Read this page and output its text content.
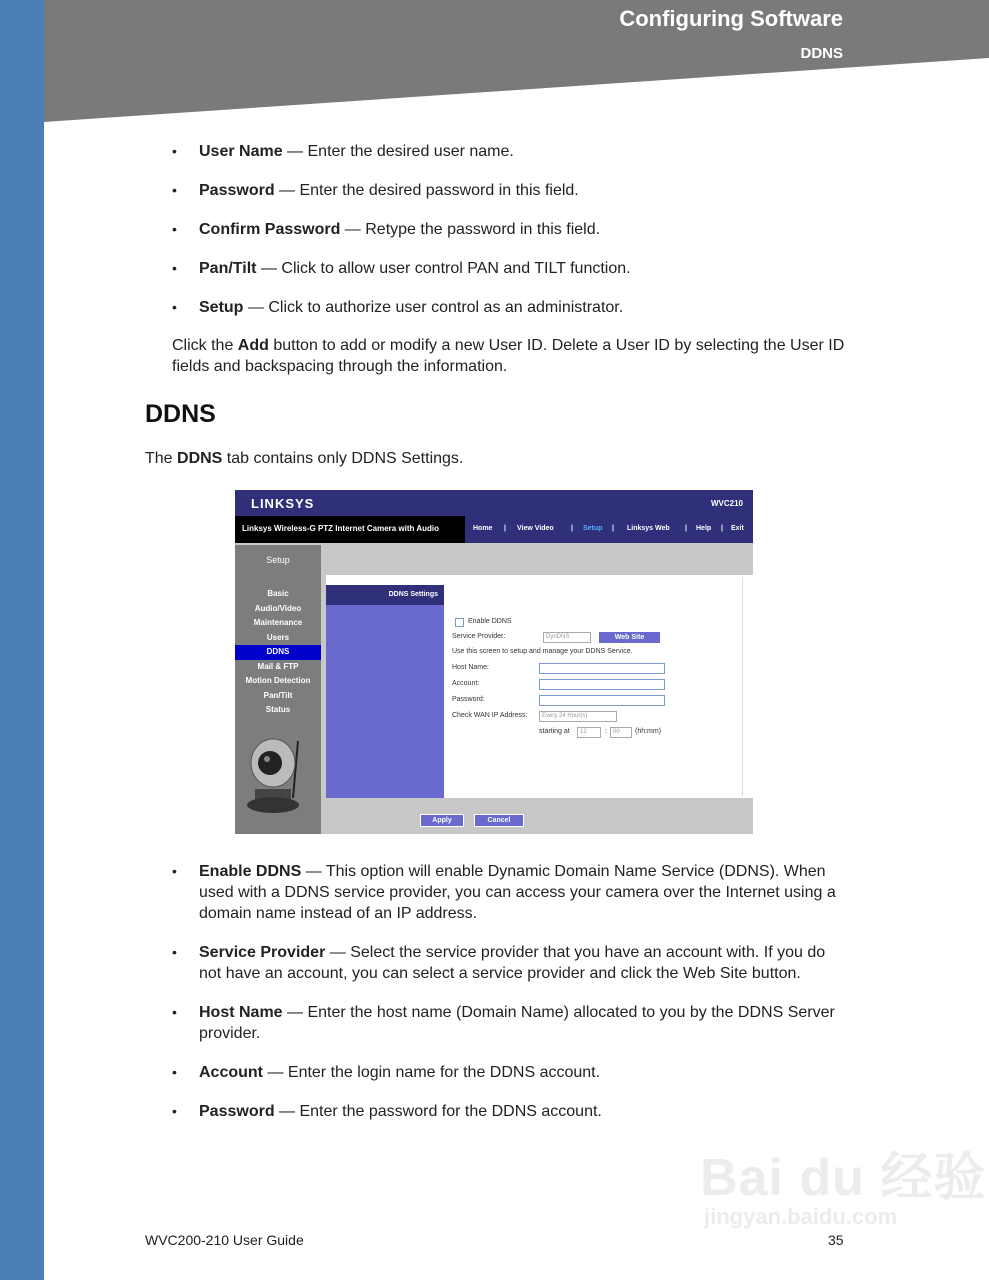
Configuring Software
DDNS
• User Name — Enter the desired user name.
• Password — Enter the desired password in this field.
• Confirm Password — Retype the password in this field.
• Pan/Tilt — Click to allow user control PAN and TILT function.
• Setup — Click to authorize user control as an administrator.
Click the Add button to add or modify a new User ID. Delete a User ID by selecting the User ID fields and backspacing through the information.
DDNS
The DDNS tab contains only DDNS Settings.
LINKSYS	WVC210
Linksys Wireless-G PTZ Internet Camera with Audio	Home | View Video | Setup | Linksys Web | Help | Exit
Setup
Basic
Audio/Video
Maintenance
Users
DDNS
Mail & FTP
Motion Detection
Pan/Tilt
Status
DDNS Settings
Enable DDNS
Service Provider:	DynDNS	Web Site
Use this screen to setup and manage your DDNS Service.
Host Name:
Account:
Password:
Check WAN IP Address:	Every 24 Hour(s)
starting at	12	:	00	(hh:mm)
Apply	Cancel
• Enable DDNS — This option will enable Dynamic Domain Name Service (DDNS). When used with a DDNS service provider, you can access your camera over the Internet using a domain name instead of an IP address.
• Service Provider — Select the service provider that you have an account with. If you do not have an account, you can select a service provider and click the Web Site button.
• Host Name — Enter the host name (Domain Name) allocated to you by the DDNS Server provider.
• Account — Enter the login name for the DDNS account.
• Password — Enter the password for the DDNS account.
Bai du 经验
jingyan.baidu.com
WVC200-210 User Guide	35
